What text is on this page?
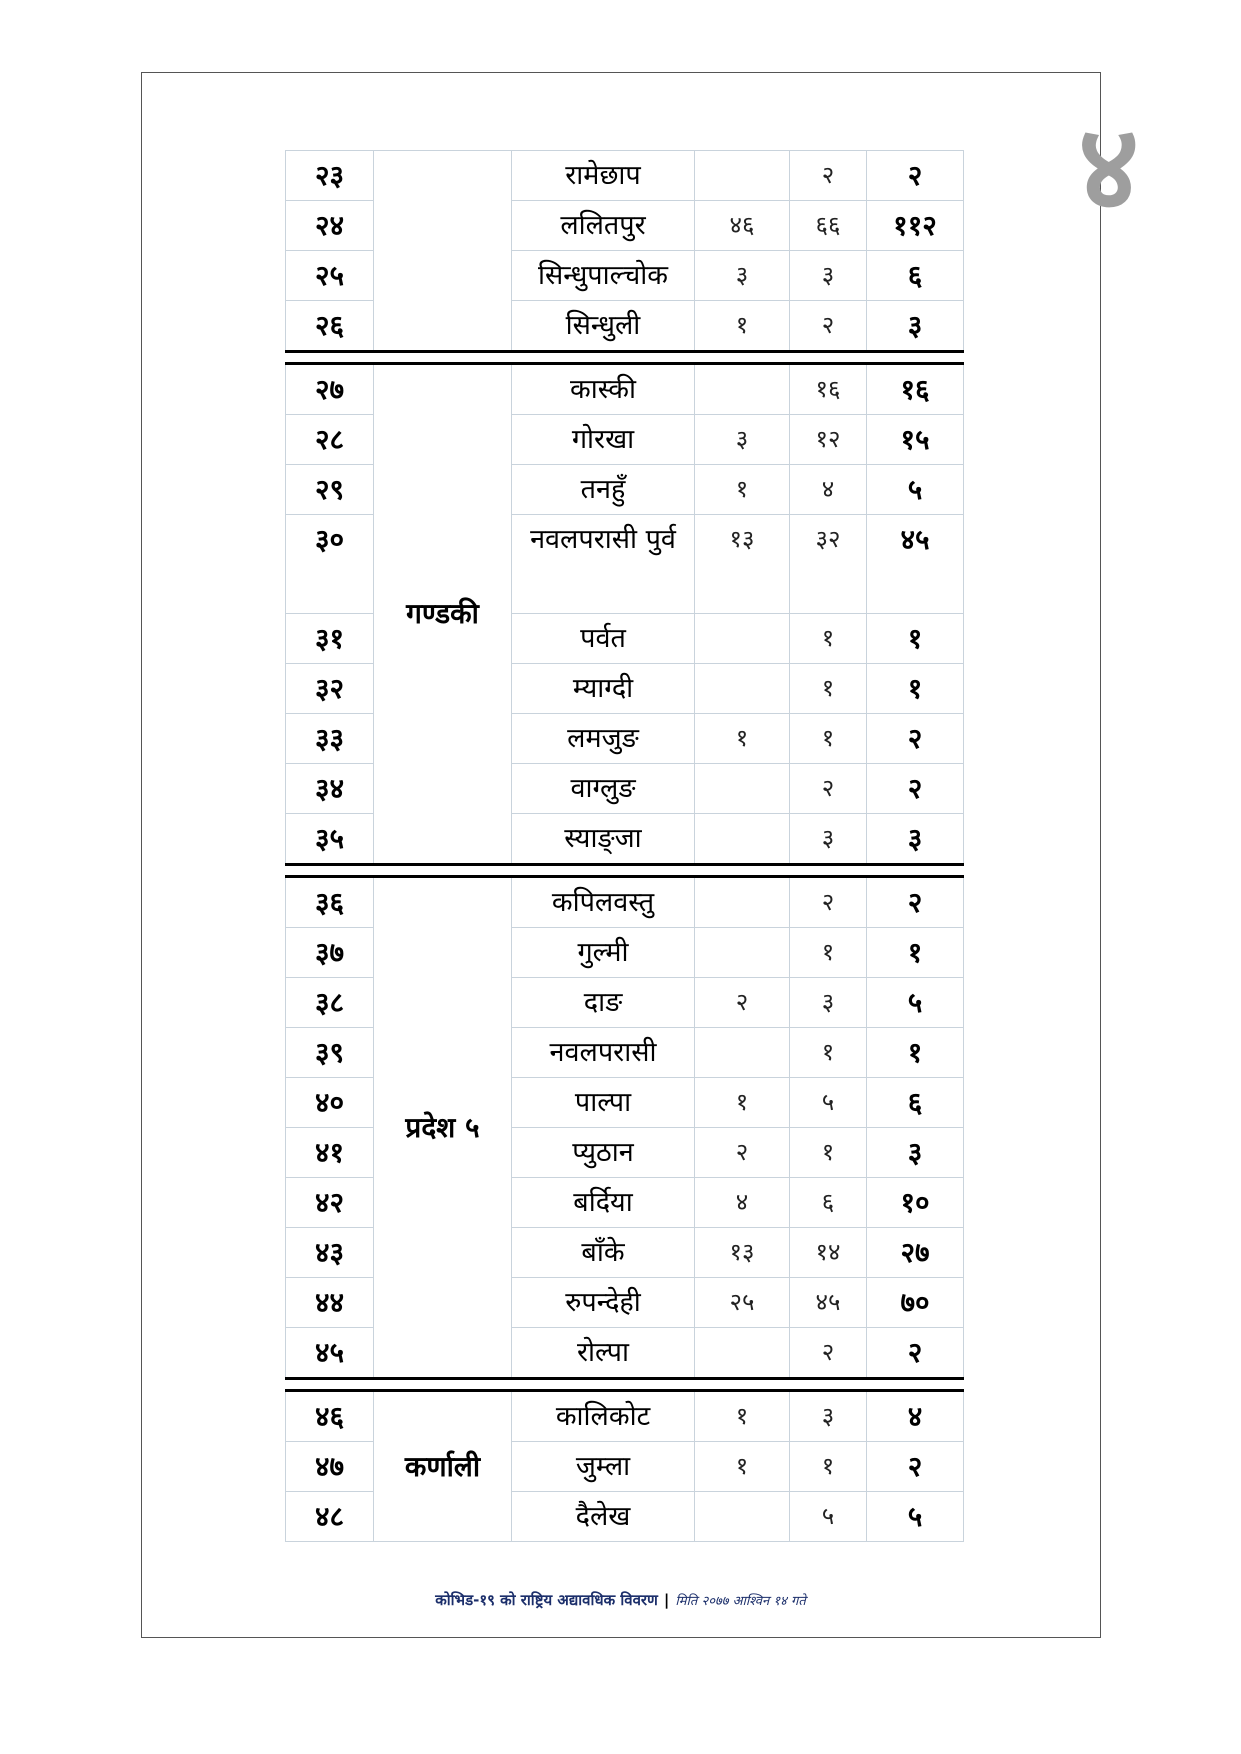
४
२३		रामेछाप		२	२
२४		ललितपुर	४६	६६	११२
२५		सिन्धुपाल्चोक	३	३	६
२६		सिन्धुली	१	२	३

२७	गण्डकी	कास्की		१६	१६
२८		गोरखा	३	१२	१५
२९		तनहुँ	१	४	५
३०		नवलपरासी पुर्व	१३	३२	४५
३१		पर्वत		१	१
३२		म्याग्दी		१	१
३३		लमजुङ	१	१	२
३४		वाग्लुङ		२	२
३५		स्याङ्जा		३	३

३६	प्रदेश ५	कपिलवस्तु		२	२
३७		गुल्मी		१	१
३८		दाङ	२	३	५
३९		नवलपरासी		१	१
४०		पाल्पा	१	५	६
४१		प्युठान	२	१	३
४२		बर्दिया	४	६	१०
४३		बाँके	१३	१४	२७
४४		रुपन्देही	२५	४५	७०
४५		रोल्पा		२	२

४६	कर्णाली	कालिकोट	१	३	४
४७		जुम्ला	१	१	२
४८		दैलेख		५	५
कोभिड-१९ को राष्ट्रिय अद्यावधिक विवरण | मिति २०७७ आश्विन १४ गते
